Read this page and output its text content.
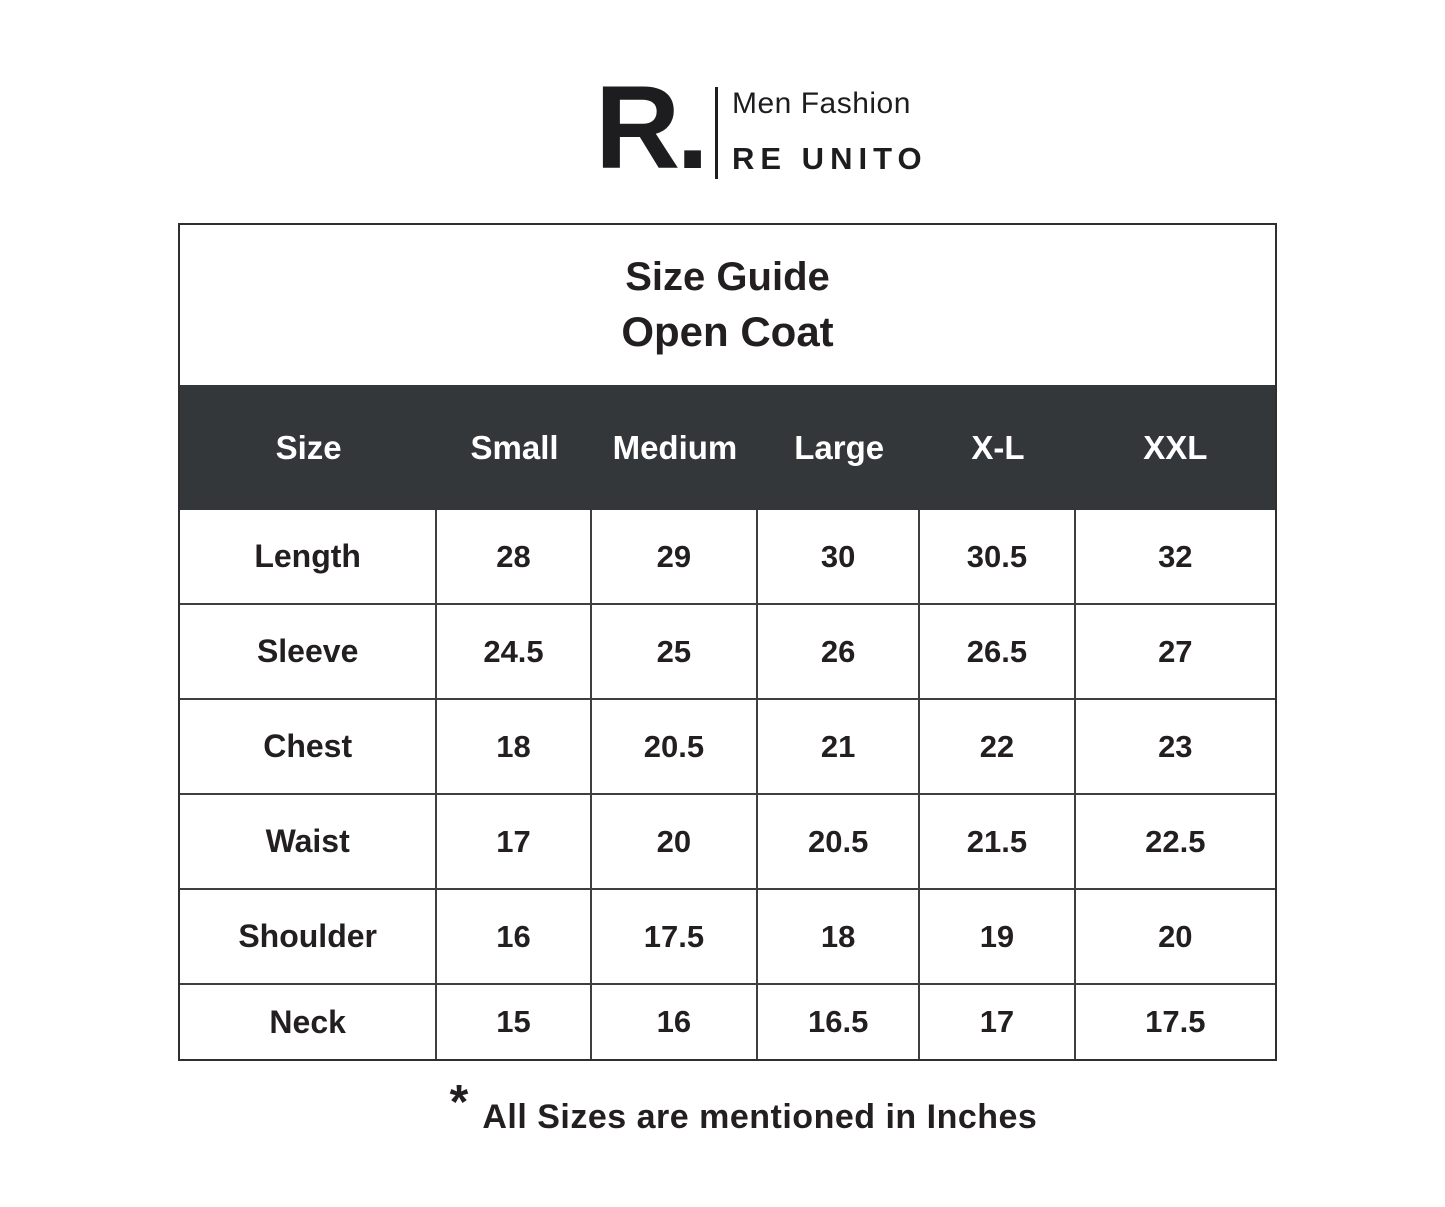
R. Men Fashion
RE UNITO
Size Guide
Open Coat
Size	Small	Medium	Large	X-L	XXL
Length	28	29	30	30.5	32
Sleeve	24.5	25	26	26.5	27
Chest	18	20.5	21	22	23
Waist	17	20	20.5	21.5	22.5
Shoulder	16	17.5	18	19	20
Neck	15	16	16.5	17	17.5
* All Sizes are mentioned in Inches
